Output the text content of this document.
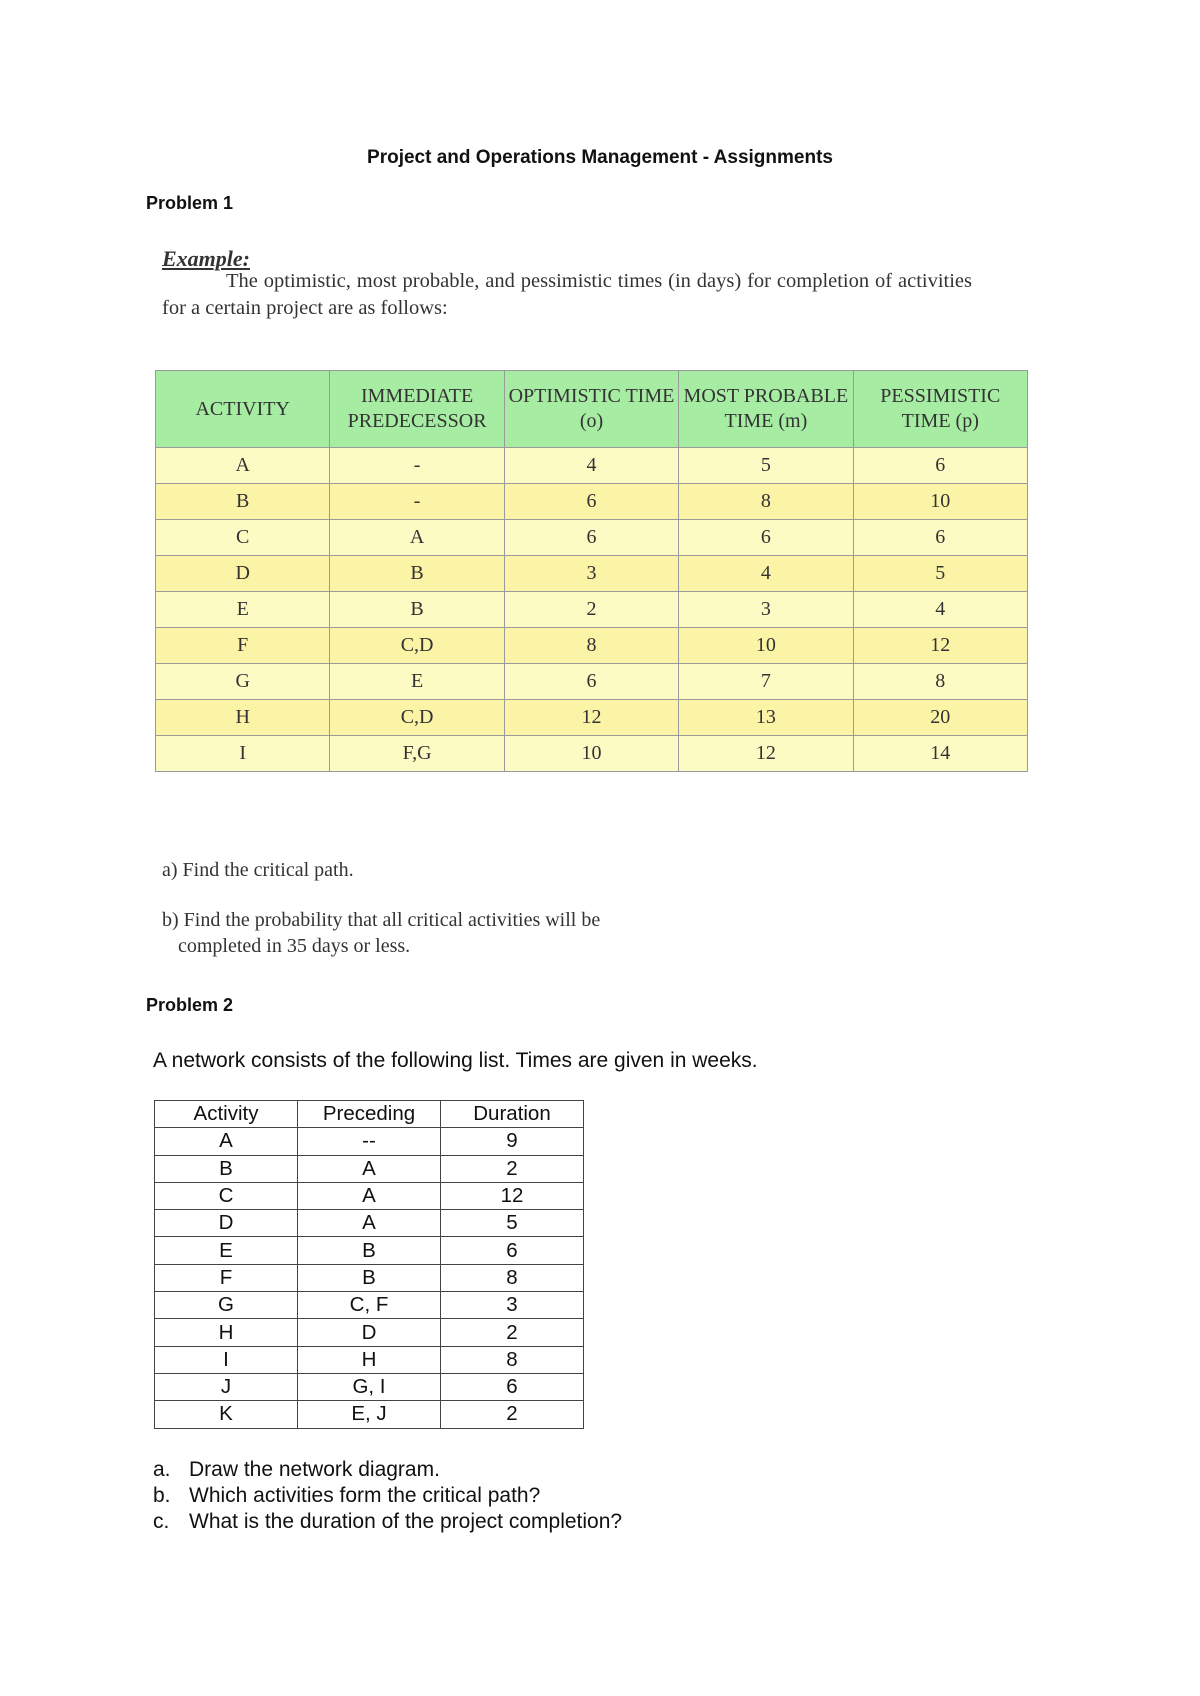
Project and Operations Management - Assignments
Problem 1
Example:
The optimistic, most probable, and pessimistic times (in days) for completion of activities for a certain project are as follows:
ACTIVITY	IMMEDIATE PREDECESSOR	OPTIMISTIC TIME (o)	MOST PROBABLE TIME (m)	PESSIMISTIC TIME (p)
A	-	4	5	6
B	-	6	8	10
C	A	6	6	6
D	B	3	4	5
E	B	2	3	4
F	C,D	8	10	12
G	E	6	7	8
H	C,D	12	13	20
I	F,G	10	12	14
a) Find the critical path.
b) Find the probability that all critical activities will be
completed in 35 days or less.
Problem 2
A network consists of the following list. Times are given in weeks.
Activity	Preceding	Duration
A	--	9
B	A	2
C	A	12
D	A	5
E	B	6
F	B	8
G	C, F	3
H	D	2
I	H	8
J	G, I	6
K	E, J	2
a. Draw the network diagram.
b. Which activities form the critical path?
c. What is the duration of the project completion?
